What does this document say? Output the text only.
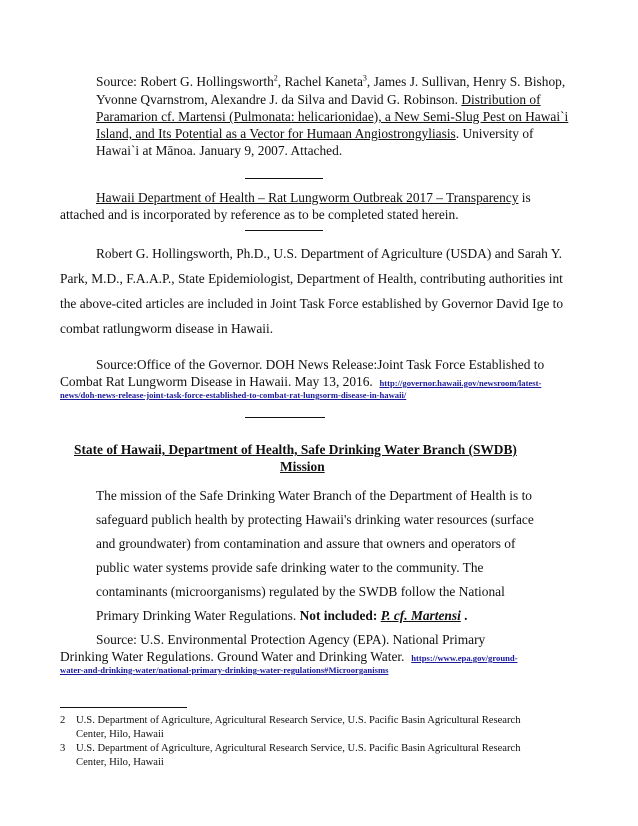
Source: Robert G. Hollingsworth$^2$, Rachel Kaneta$^3$, James J. Sullivan, Henry S. Bishop,
Yvonne Qvarnstrom, Alexandre J. da Silva and David G. Robinson. Distribution of
Paramarion cf. Martensi (Pulmonata: helicarionidae), a New Semi-Slug Pest on Hawai`i
Island, and Its Potential as a Vector for Humaan Angiostrongyliasis. University of
Hawai`i at Mānoa. January 9, 2007. Attached.
Hawaii Department of Health – Rat Lungworm Outbreak 2017 – Transparency is
attached and is incorporated by reference as to be completed stated herein.
Robert G. Hollingsworth, Ph.D., U.S. Department of Agriculture (USDA) and Sarah Y.
Park, M.D., F.A.A.P., State Epidemiologist, Department of Health, contributing authorities int
the above-cited articles are included in Joint Task Force established by Governor David Ige to
combat ratlungworm disease in Hawaii.
Source:Office of the Governor. DOH News Release:Joint Task Force Established to
Combat Rat Lungworm Disease in Hawaii. May 13, 2016. http://governor.hawaii.gov/newsroom/latest-
news/doh-news-release-joint-task-force-established-to-combat-rat-lungsorm-disease-in-hawaii/
State of Hawaii, Department of Health, Safe Drinking Water Branch (SWDB)
Mission
The mission of the Safe Drinking Water Branch of the Department of Health is to
safeguard publich health by protecting Hawaii's drinking water resources (surface
and groundwater) from contamination and assure that owners and operators of
public water systems provide safe drinking water to the community. The
contaminants (microorganisms) regulated by the SWDB follow the National
Primary Drinking Water Regulations. Not included: P. cf. Martensi .
Source: U.S. Environmental Protection Agency (EPA). National Primary
Drinking Water Regulations. Ground Water and Drinking Water. https://www.epa.gov/ground-
water-and-drinking-water/national-primary-drinking-water-regulations#Microorganisms
2 U.S. Department of Agriculture, Agricultural Research Service, U.S. Pacific Basin Agricultural Research
Center, Hilo, Hawaii
3 U.S. Department of Agriculture, Agricultural Research Service, U.S. Pacific Basin Agricultural Research
Center, Hilo, Hawaii
